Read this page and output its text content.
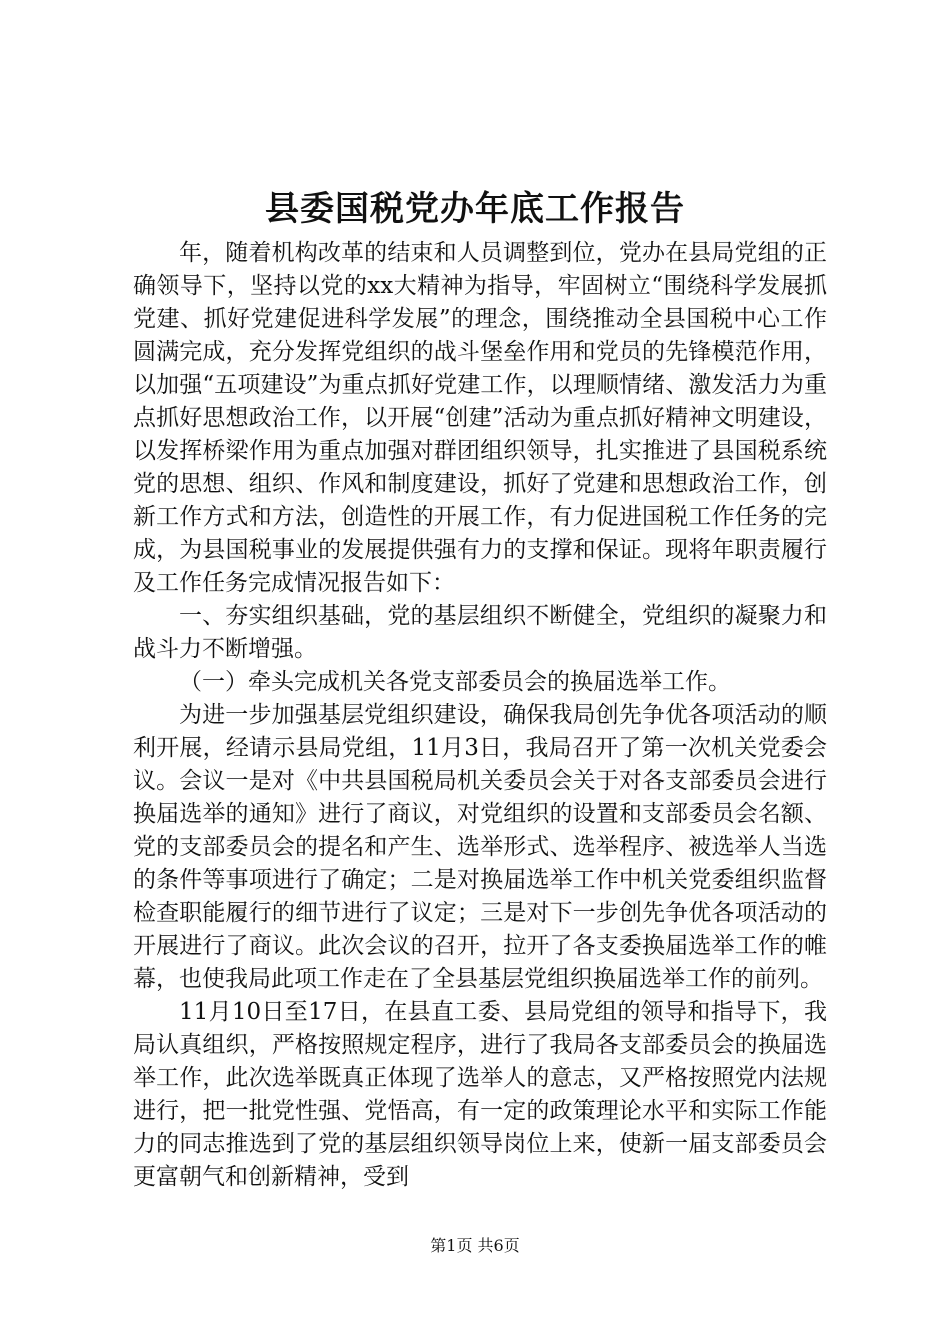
县委国税党办年底工作报告

年，随着机构改革的结束和人员调整到位，党办在县局党组的正确领导下，坚持以党的xx大精神为指导，牢固树立“围绕科学发展抓党建、抓好党建促进科学发展”的理念，围绕推动全县国税中心工作圆满完成，充分发挥党组织的战斗堡垒作用和党员的先锋模范作用，以加强“五项建设”为重点抓好党建工作，以理顺情绪、激发活力为重点抓好思想政治工作，以开展“创建”活动为重点抓好精神文明建设，以发挥桥梁作用为重点加强对群团组织领导，扎实推进了县国税系统党的思想、组织、作风和制度建设，抓好了党建和思想政治工作，创新工作方式和方法，创造性的开展工作，有力促进国税工作任务的完成，为县国税事业的发展提供强有力的支撑和保证。现将年职责履行及工作任务完成情况报告如下：

一、夯实组织基础，党的基层组织不断健全，党组织的凝聚力和战斗力不断增强。

（一）牵头完成机关各党支部委员会的换届选举工作。

为进一步加强基层党组织建设，确保我局创先争优各项活动的顺利开展，经请示县局党组，11月3日，我局召开了第一次机关党委会议。会议一是对《中共县国税局机关委员会关于对各支部委员会进行换届选举的通知》进行了商议，对党组织的设置和支部委员会名额、党的支部委员会的提名和产生、选举形式、选举程序、被选举人当选的条件等事项进行了确定；二是对换届选举工作中机关党委组织监督检查职能履行的细节进行了议定；三是对下一步创先争优各项活动的开展进行了商议。此次会议的召开，拉开了各支委换届选举工作的帷幕，也使我局此项工作走在了全县基层党组织换届选举工作的前列。

11月10日至17日，在县直工委、县局党组的领导和指导下，我局认真组织，严格按照规定程序，进行了我局各支部委员会的换届选举工作，此次选举既真正体现了选举人的意志，又严格按照党内法规进行，把一批党性强、党悟高，有一定的政策理论水平和实际工作能力的同志推选到了党的基层组织领导岗位上来，使新一届支部委员会更富朝气和创新精神，受到

第1页 共6页
